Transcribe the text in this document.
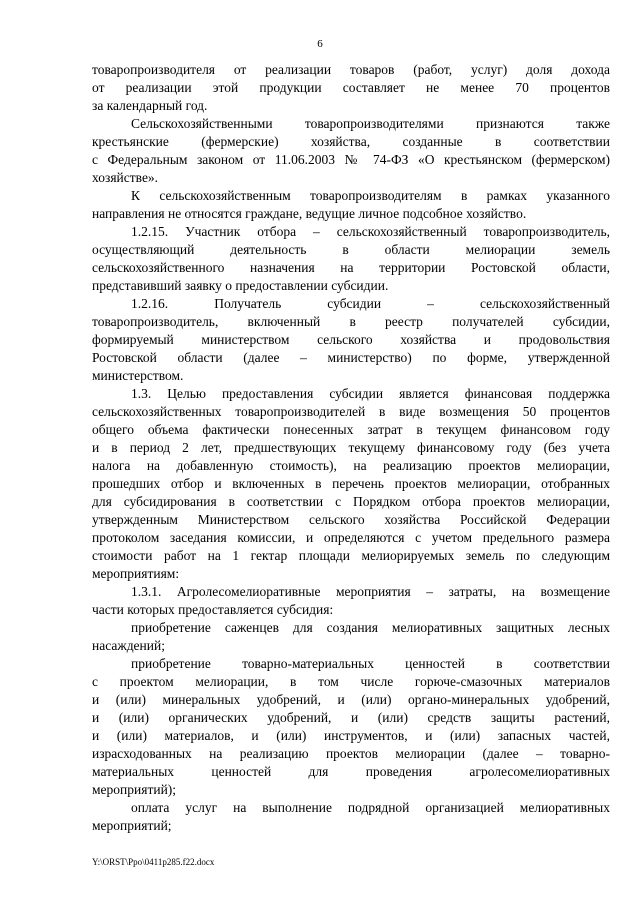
6
товаропроизводителя от реализации товаров (работ, услуг) доля дохода
от реализации этой продукции составляет не менее 70 процентов
за календарный год.
Сельскохозяйственными товаропроизводителями признаются также
крестьянские (фермерские) хозяйства, созданные в соответствии
с Федеральным законом от 11.06.2003 № 74-ФЗ «О крестьянском (фермерском)
хозяйстве».
К сельскохозяйственным товаропроизводителям в рамках указанного
направления не относятся граждане, ведущие личное подсобное хозяйство.
1.2.15. Участник отбора – сельскохозяйственный товаропроизводитель,
осуществляющий деятельность в области мелиорации земель
сельскохозяйственного назначения на территории Ростовской области,
представивший заявку о предоставлении субсидии.
1.2.16. Получатель субсидии – сельскохозяйственный
товаропроизводитель, включенный в реестр получателей субсидии,
формируемый министерством сельского хозяйства и продовольствия
Ростовской области (далее – министерство) по форме, утвержденной
министерством.
1.3. Целью предоставления субсидии является финансовая поддержка
сельскохозяйственных товаропроизводителей в виде возмещения 50 процентов
общего объема фактически понесенных затрат в текущем финансовом году
и в период 2 лет, предшествующих текущему финансовому году (без учета
налога на добавленную стоимость), на реализацию проектов мелиорации,
прошедших отбор и включенных в перечень проектов мелиорации, отобранных
для субсидирования в соответствии с Порядком отбора проектов мелиорации,
утвержденным Министерством сельского хозяйства Российской Федерации
протоколом заседания комиссии, и определяются с учетом предельного размера
стоимости работ на 1 гектар площади мелиорируемых земель по следующим
мероприятиям:
1.3.1. Агролесомелиоративные мероприятия – затраты, на возмещение
части которых предоставляется субсидия:
приобретение саженцев для создания мелиоративных защитных лесных
насаждений;
приобретение товарно-материальных ценностей в соответствии
с проектом мелиорации, в том числе горюче-смазочных материалов
и (или) минеральных удобрений, и (или) органо-минеральных удобрений,
и (или) органических удобрений, и (или) средств защиты растений,
и (или) материалов, и (или) инструментов, и (или) запасных частей,
израсходованных на реализацию проектов мелиорации (далее – товарно-
материальных ценностей для проведения агролесомелиоративных
мероприятий);
оплата услуг на выполнение подрядной организацией мелиоративных
мероприятий;
Y:\ORST\Ppo\0411p285.f22.docx
